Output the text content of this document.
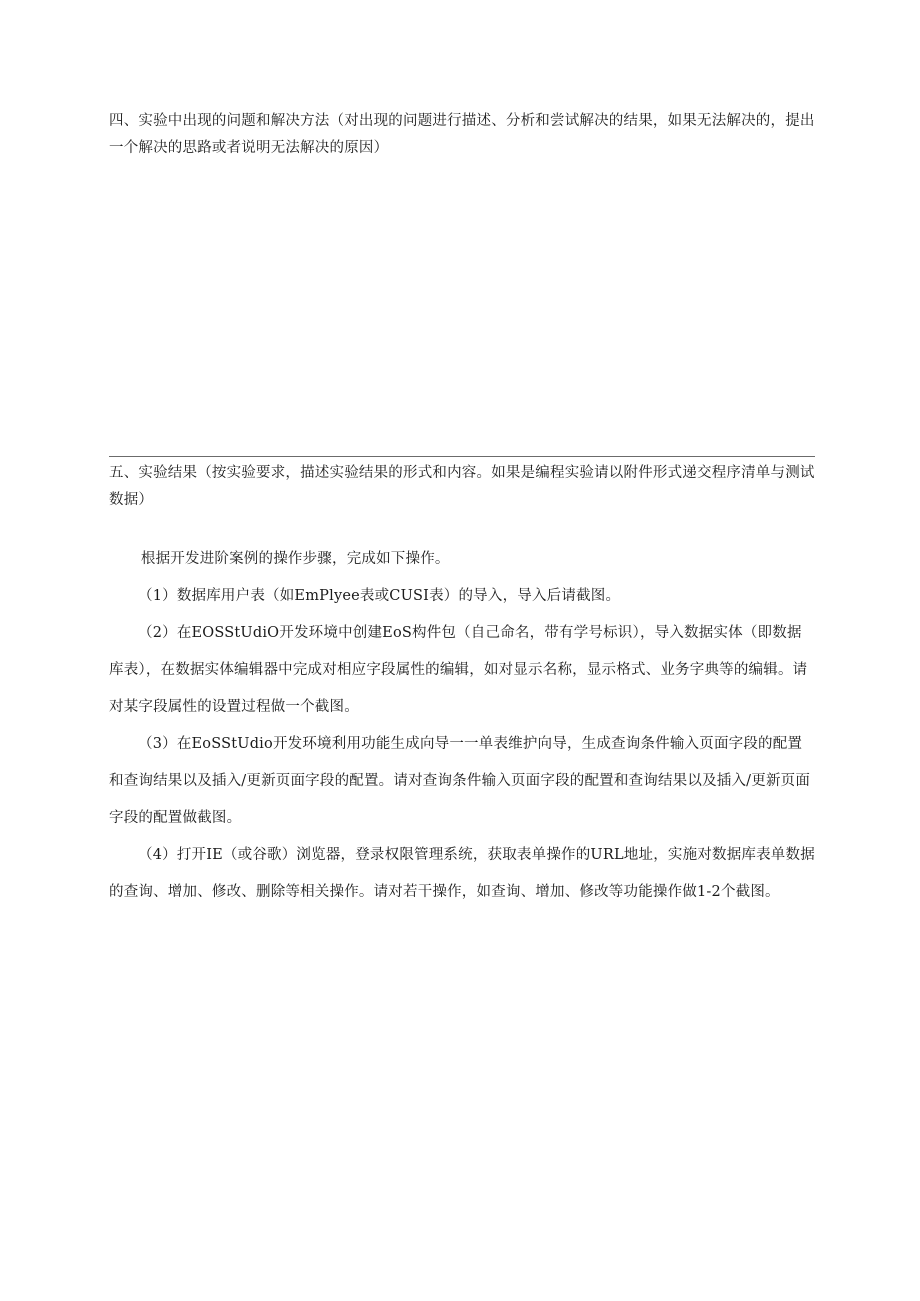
四、实验中出现的问题和解决方法（对出现的问题进行描述、分析和尝试解决的结果，如果无法解决的，提出一个解决的思路或者说明无法解决的原因）
五、实验结果（按实验要求，描述实验结果的形式和内容。如果是编程实验请以附件形式递交程序清单与测试数据）

根据开发进阶案例的操作步骤，完成如下操作。

（1）数据库用户表（如EmPlyee表或CUSI表）的导入，导入后请截图。

（2）在EOSStUdiO开发环境中创建EoS构件包（自己命名，带有学号标识），导入数据实体（即数据库表），在数据实体编辑器中完成对相应字段属性的编辑，如对显示名称，显示格式、业务字典等的编辑。请对某字段属性的设置过程做一个截图。

（3）在EoSStUdio开发环境利用功能生成向导一一单表维护向导，生成查询条件输入页面字段的配置和查询结果以及插入/更新页面字段的配置。请对查询条件输入页面字段的配置和查询结果以及插入/更新页面字段的配置做截图。

（4）打开IE（或谷歌）浏览器，登录权限管理系统，获取表单操作的URL地址，实施对数据库表单数据的查询、增加、修改、删除等相关操作。请对若干操作，如查询、增加、修改等功能操作做1-2个截图。
